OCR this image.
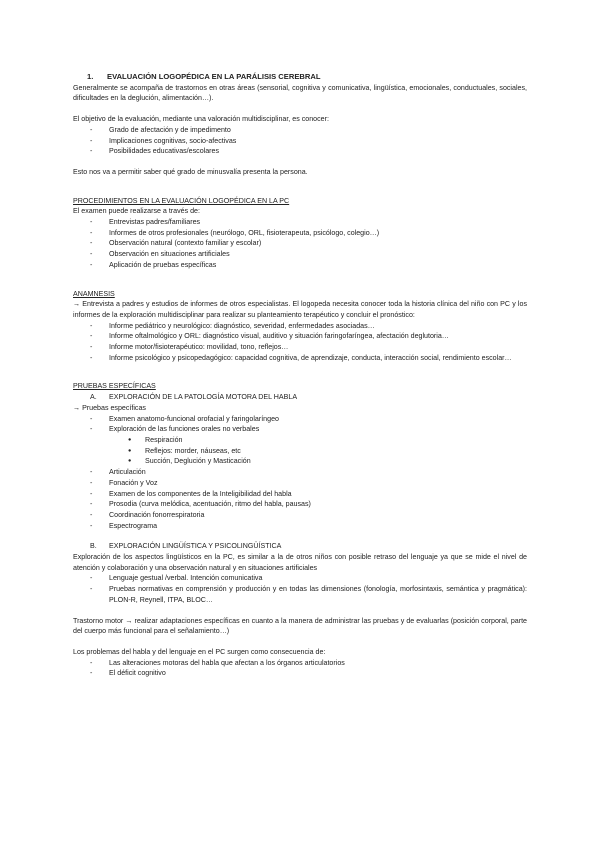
1.	EVALUACIÓN LOGOPÉDICA EN LA PARÁLISIS CEREBRAL

Generalmente se acompaña de trastornos en otras áreas (sensorial, cognitiva y comunicativa, lingüística, emocionales, conductuales, sociales, dificultades en la deglución, alimentación…).

El objetivo de la evaluación, mediante una valoración multidisciplinar, es conocer:

- Grado de afectación y de impedimento
- Implicaciones cognitivas, socio-afectivas
- Posibilidades educativas/escolares

Esto nos va a permitir saber qué grado de minusvalía presenta la persona.

PROCEDIMIENTOS EN LA EVALUACIÓN LOGOPÉDICA EN LA PC

El examen puede realizarse a través de:

- Entrevistas padres/familiares
- Informes de otros profesionales (neurólogo, ORL, fisioterapeuta, psicólogo, colegio…)
- Observación natural (contexto familiar y escolar)
- Observación en situaciones artificiales
- Aplicación de pruebas específicas
ANAMNESIS

→ Entrevista a padres y estudios de informes de otros especialistas. El logopeda necesita conocer toda la historia clínica del niño con PC y los informes de la exploración multidisciplinar para realizar su planteamiento terapéutico y concluir el pronóstico:

- Informe pediátrico y neurológico: diagnóstico, severidad, enfermedades asociadas…
- Informe oftalmológico y ORL: diagnóstico visual, auditivo y situación faringofaríngea, afectación deglutoria…
- Informe motor/fisioterapéutico: movilidad, tono, reflejos…
- Informe psicológico y psicopedagógico: capacidad cognitiva, de aprendizaje, conducta, interacción social, rendimiento escolar…
PRUEBAS ESPECÍFICAS
A.	EXPLORACIÓN DE LA PATOLOGÍA MOTORA DEL HABLA

→ Pruebas específicas

- Examen anatomo-funcional orofacial y faringolaríngeo
- Exploración de las funciones orales no verbales
● Respiración
● Reflejos: morder, náuseas, etc
● Succión, Deglución y Masticación
- Articulación
- Fonación y Voz
- Examen de los componentes de la Inteligibilidad del habla
- Prosodia (curva melódica, acentuación, ritmo del habla, pausas)
- Coordinación fonorrespiratoria
- Espectrograma
B.	EXPLORACIÓN LINGÜÍSTICA Y PSICOLINGÜÍSTICA

Exploración de los aspectos lingüísticos en la PC, es similar a la de otros niños con posible retraso del lenguaje ya que se mide el nivel de atención y colaboración y una observación natural y en situaciones artificiales

- Lenguaje gestual /verbal. Intención comunicativa
- Pruebas normativas en comprensión y producción y en todas las dimensiones (fonología, morfosintaxis, semántica y pragmática): PLON-R, Reynell, ITPA, BLOC…

Trastorno motor → realizar adaptaciones específicas en cuanto a la manera de administrar las pruebas y de evaluarlas (posición corporal, parte del cuerpo más funcional para el señalamiento…)

Los problemas del habla y del lenguaje en el PC surgen como consecuencia de:

- Las alteraciones motoras del habla que afectan a los órganos articulatorios
- El déficit cognitivo
